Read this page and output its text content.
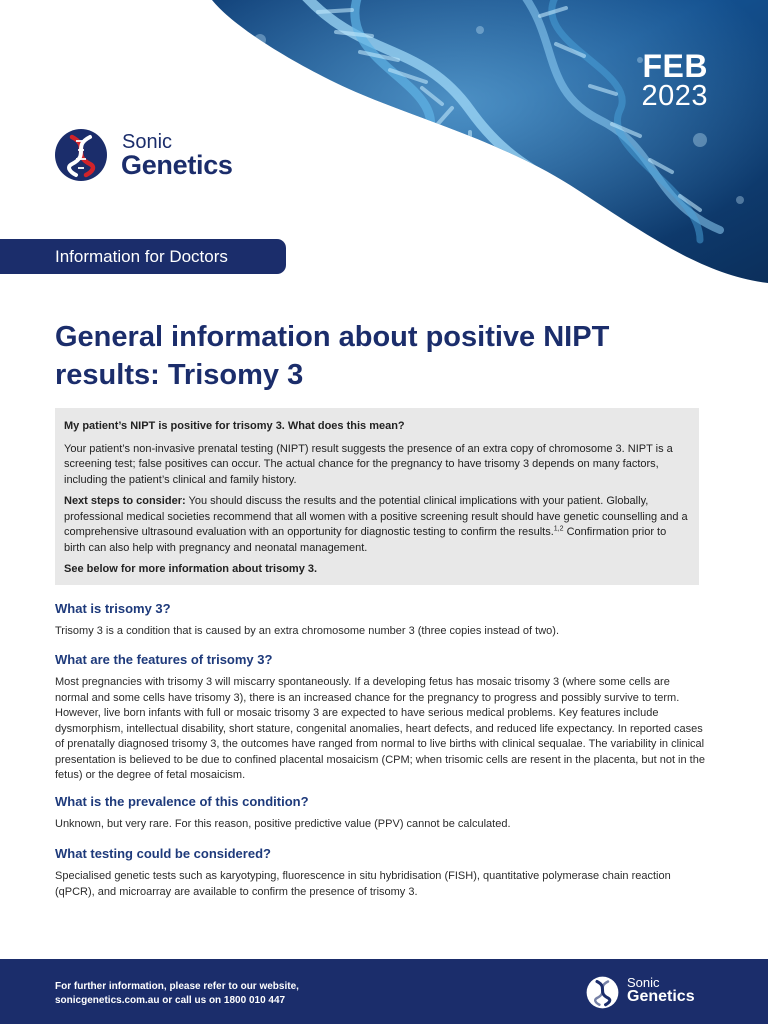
FEB
2023
Sonic
Genetics
Information for Doctors
General information about positive NIPT results: Trisomy 3

My patient’s NIPT is positive for trisomy 3. What does this mean?

Your patient’s non-invasive prenatal testing (NIPT) result suggests the presence of an extra copy of chromosome 3. NIPT is a screening test; false positives can occur. The actual chance for the pregnancy to have trisomy 3 depends on many factors, including the patient’s clinical and family history.

Next steps to consider: You should discuss the results and the potential clinical implications with your patient. Globally, professional medical societies recommend that all women with a positive screening result should have genetic counselling and a comprehensive ultrasound evaluation with an opportunity for diagnostic testing to confirm the results.$^{1,2}$ Confirmation prior to birth can also help with pregnancy and neonatal management.

See below for more information about trisomy 3.

What is trisomy 3?

Trisomy 3 is a condition that is caused by an extra chromosome number 3 (three copies instead of two).

What are the features of trisomy 3?

Most pregnancies with trisomy 3 will miscarry spontaneously. If a developing fetus has mosaic trisomy 3 (where some cells are normal and some cells have trisomy 3), there is an increased chance for the pregnancy to progress and possibly survive to term. However, live born infants with full or mosaic trisomy 3 are expected to have serious medical problems. Key features include dysmorphism, intellectual disability, short stature, congenital anomalies, heart defects, and reduced life expectancy. In reported cases of prenatally diagnosed trisomy 3, the outcomes have ranged from normal to live births with clinical sequalae. The variability in clinical presentation is believed to be due to confined placental mosaicism (CPM; when trisomic cells are resent in the placenta, but not in the fetus) or the degree of fetal mosaicism.

What is the prevalence of this condition?

Unknown, but very rare. For this reason, positive predictive value (PPV) cannot be calculated.

What testing could be considered?

Specialised genetic tests such as karyotyping, fluorescence in situ hybridisation (FISH), quantitative polymerase chain reaction (qPCR), and microarray are available to confirm the presence of trisomy 3.

For further information, please refer to our website,
sonicgenetics.com.au or call us on 1800 010 447
Sonic
Genetics
